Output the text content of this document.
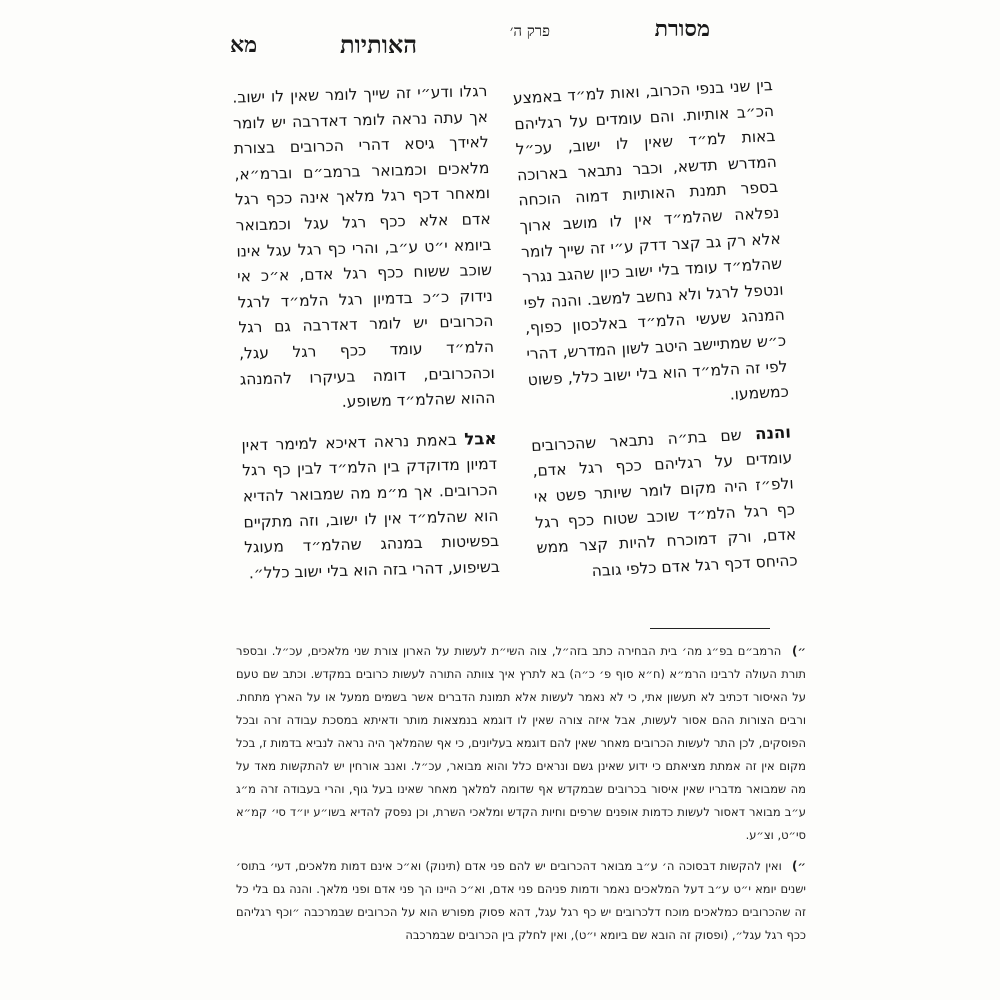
מסורת
פרק ה׳
האותיות
מא

בין שני בנפי הכרוב, ואות למ״ד באמצע הכ״ב אותיות. והם עומדים על רגליהם באות למ״ד שאין לו ישוב, עכ״ל המדרש תדשא, וכבר נתבאר בארוכה בספר תמנת האותיות דמוה הוכחה נפלאה שהלמ״ד אין לו מושב ארוך אלא רק גב קצר דדק ע״י זה שייך לומר שהלמ״ד עומד בלי ישוב כיון שהגב נגרר ונטפל לרגל ולא נחשב למשב. והנה לפי המנהג שעשי הלמ״ד באלכסון כפוף, כ״ש שמתיישב היטב לשון המדרש, דהרי לפי זה הלמ״ד הוא בלי ישוב כלל, פשוט כמשמעו.

והנה שם בת״ה נתבאר שהכרובים עומדים על רגליהם ככף רגל אדם, ולפ״ז היה מקום לומר שיותר פשט אי כף רגל הלמ״ד שוכב שטוח ככף רגל אדם, ורק דמוכרח להיות קצר ממש כהיחס דכף רגל אדם כלפי גובה

רגלו ודע״י זה שייך לומר שאין לו ישוב. אך עתה נראה לומר דאדרבה יש לומר לאידך גיסא דהרי הכרובים בצורת מלאכים וכמבואר ברמב״ם וברמ״א, ומאחר דכף רגל מלאך אינה ככף רגל אדם אלא ככף רגל עגל וכמבואר ביומא י״ט ע״ב, והרי כף רגל עגל אינו שוכב ששוח ככף רגל אדם, א״כ אי נידוק כ״כ בדמיון רגל הלמ״ד לרגל הכרובים יש לומר דאדרבה גם רגל הלמ״ד עומד ככף רגל עגל, וכהכרובים, דומה בעיקרו להמנהג ההוא שהלמ״ד משופע.

אבל באמת נראה דאיכא למימר דאין דמיון מדוקדק בין הלמ״ד לבין כף רגל הכרובים. אך מ״מ מה שמבואר להדיא הוא שהלמ״ד אין לו ישוב, וזה מתקיים בפשיטות במנהג שהלמ״ד מעוגל בשיפוע, דהרי בזה הוא בלי ישוב כלל״.

״) הרמב״ם בפ״ג מה׳ בית הבחירה כתב בזה״ל, צוה השי״ת לעשות על הארון צורת שני מלאכים, עכ״ל. ובספר תורת העולה לרבינו הרמ״א (ח״א סוף פ׳ כ״ה) בא לתרץ איך צוותה התורה לעשות כרובים במקדש. וכתב שם טעם על האיסור דכתיב לא תעשון אתי, כי לא נאמר לעשות אלא תמונת הדברים אשר בשמים ממעל או על הארץ מתחת. ורבים הצורות ההם אסור לעשות, אבל איזה צורה שאין לו דוגמא בנמצאות מותר ודאיתא במסכת עבודה זרה ובכל הפוסקים, לכן התר לעשות הכרובים מאחר שאין להם דוגמא בעליונים, כי אף שהמלאך היה נראה לנביא בדמות ז, בכל מקום אין זה אמתת מציאתם כי ידוע שאינן גשם ונראים כלל והוא מבואר, עכ״ל. ואנב אורחין יש להתקשות מאד על מה שמבואר מדבריו שאין איסור בכרובים שבמקדש אף שדומה למלאך מאחר שאינו בעל גוף, והרי בעבודה זרה מ״ג ע״ב מבואר דאסור לעשות כדמות אופנים שרפים וחיות הקדש ומלאכי השרת, וכן נפסק להדיא בשו״ע יו״ד סי׳ קמ״א סי״ט, וצ״ע.

״) ואין להקשות דבסוכה ה׳ ע״ב מבואר דהכרובים יש להם פני אדם (תינוק) וא״כ אינם דמות מלאכים, דעי׳ בתוס׳ ישנים יומא י״ט ע״ב דעל המלאכים נאמר ודמות פניהם פני אדם, וא״כ היינו הך פני אדם ופני מלאך. והנה גם בלי כל זה שהכרובים כמלאכים מוכח דלכרובים יש כף רגל עגל, דהא פסוק מפורש הוא על הכרובים שבמרכבה ״וכף רגליהם ככף רגל עגל״, (ופסוק זה הובא שם ביומא י״ט), ואין לחלק בין הכרובים שבמרכבה
